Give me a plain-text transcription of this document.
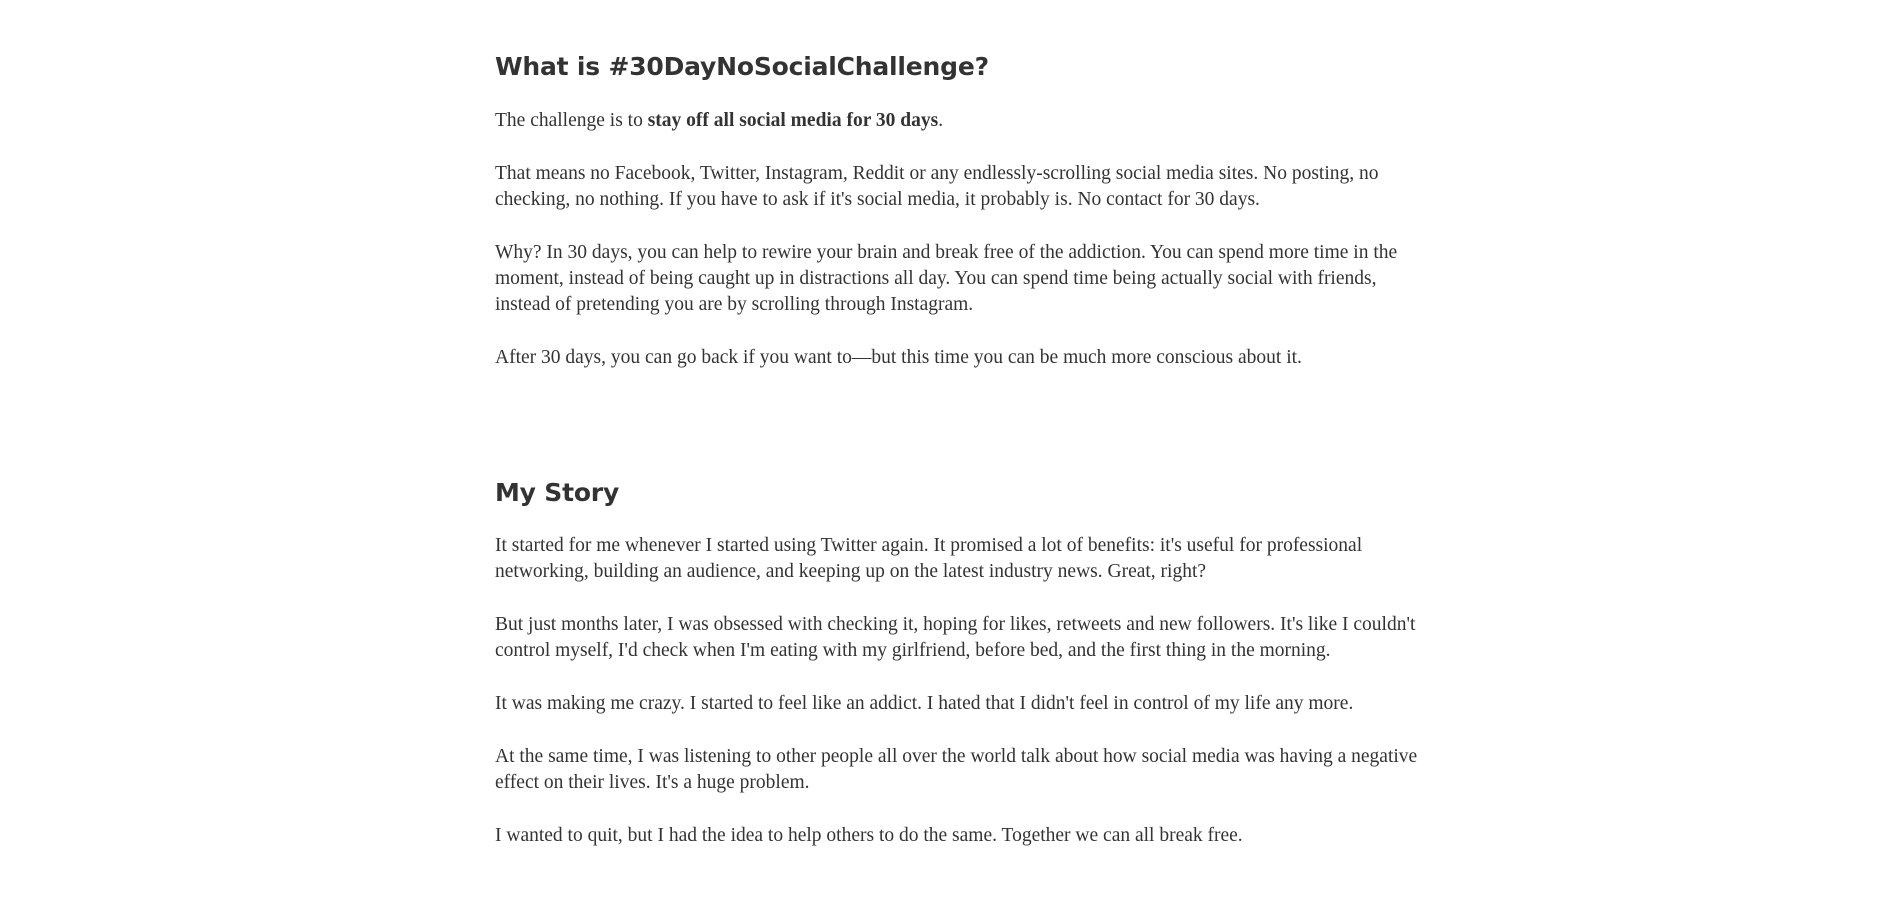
What is #30DayNoSocialChallenge?

The challenge is to stay off all social media for 30 days.

That means no Facebook, Twitter, Instagram, Reddit or any endlessly-scrolling social media sites. No posting, no checking, no nothing. If you have to ask if it's social media, it probably is. No contact for 30 days.

Why? In 30 days, you can help to rewire your brain and break free of the addiction. You can spend more time in the moment, instead of being caught up in distractions all day. You can spend time being actually social with friends, instead of pretending you are by scrolling through Instagram.

After 30 days, you can go back if you want to—but this time you can be much more conscious about it.

My Story

It started for me whenever I started using Twitter again. It promised a lot of benefits: it's useful for professional networking, building an audience, and keeping up on the latest industry news. Great, right?

But just months later, I was obsessed with checking it, hoping for likes, retweets and new followers. It's like I couldn't control myself, I'd check when I'm eating with my girlfriend, before bed, and the first thing in the morning.

It was making me crazy. I started to feel like an addict. I hated that I didn't feel in control of my life any more.

At the same time, I was listening to other people all over the world talk about how social media was having a negative effect on their lives. It's a huge problem.

I wanted to quit, but I had the idea to help others to do the same. Together we can all break free.
